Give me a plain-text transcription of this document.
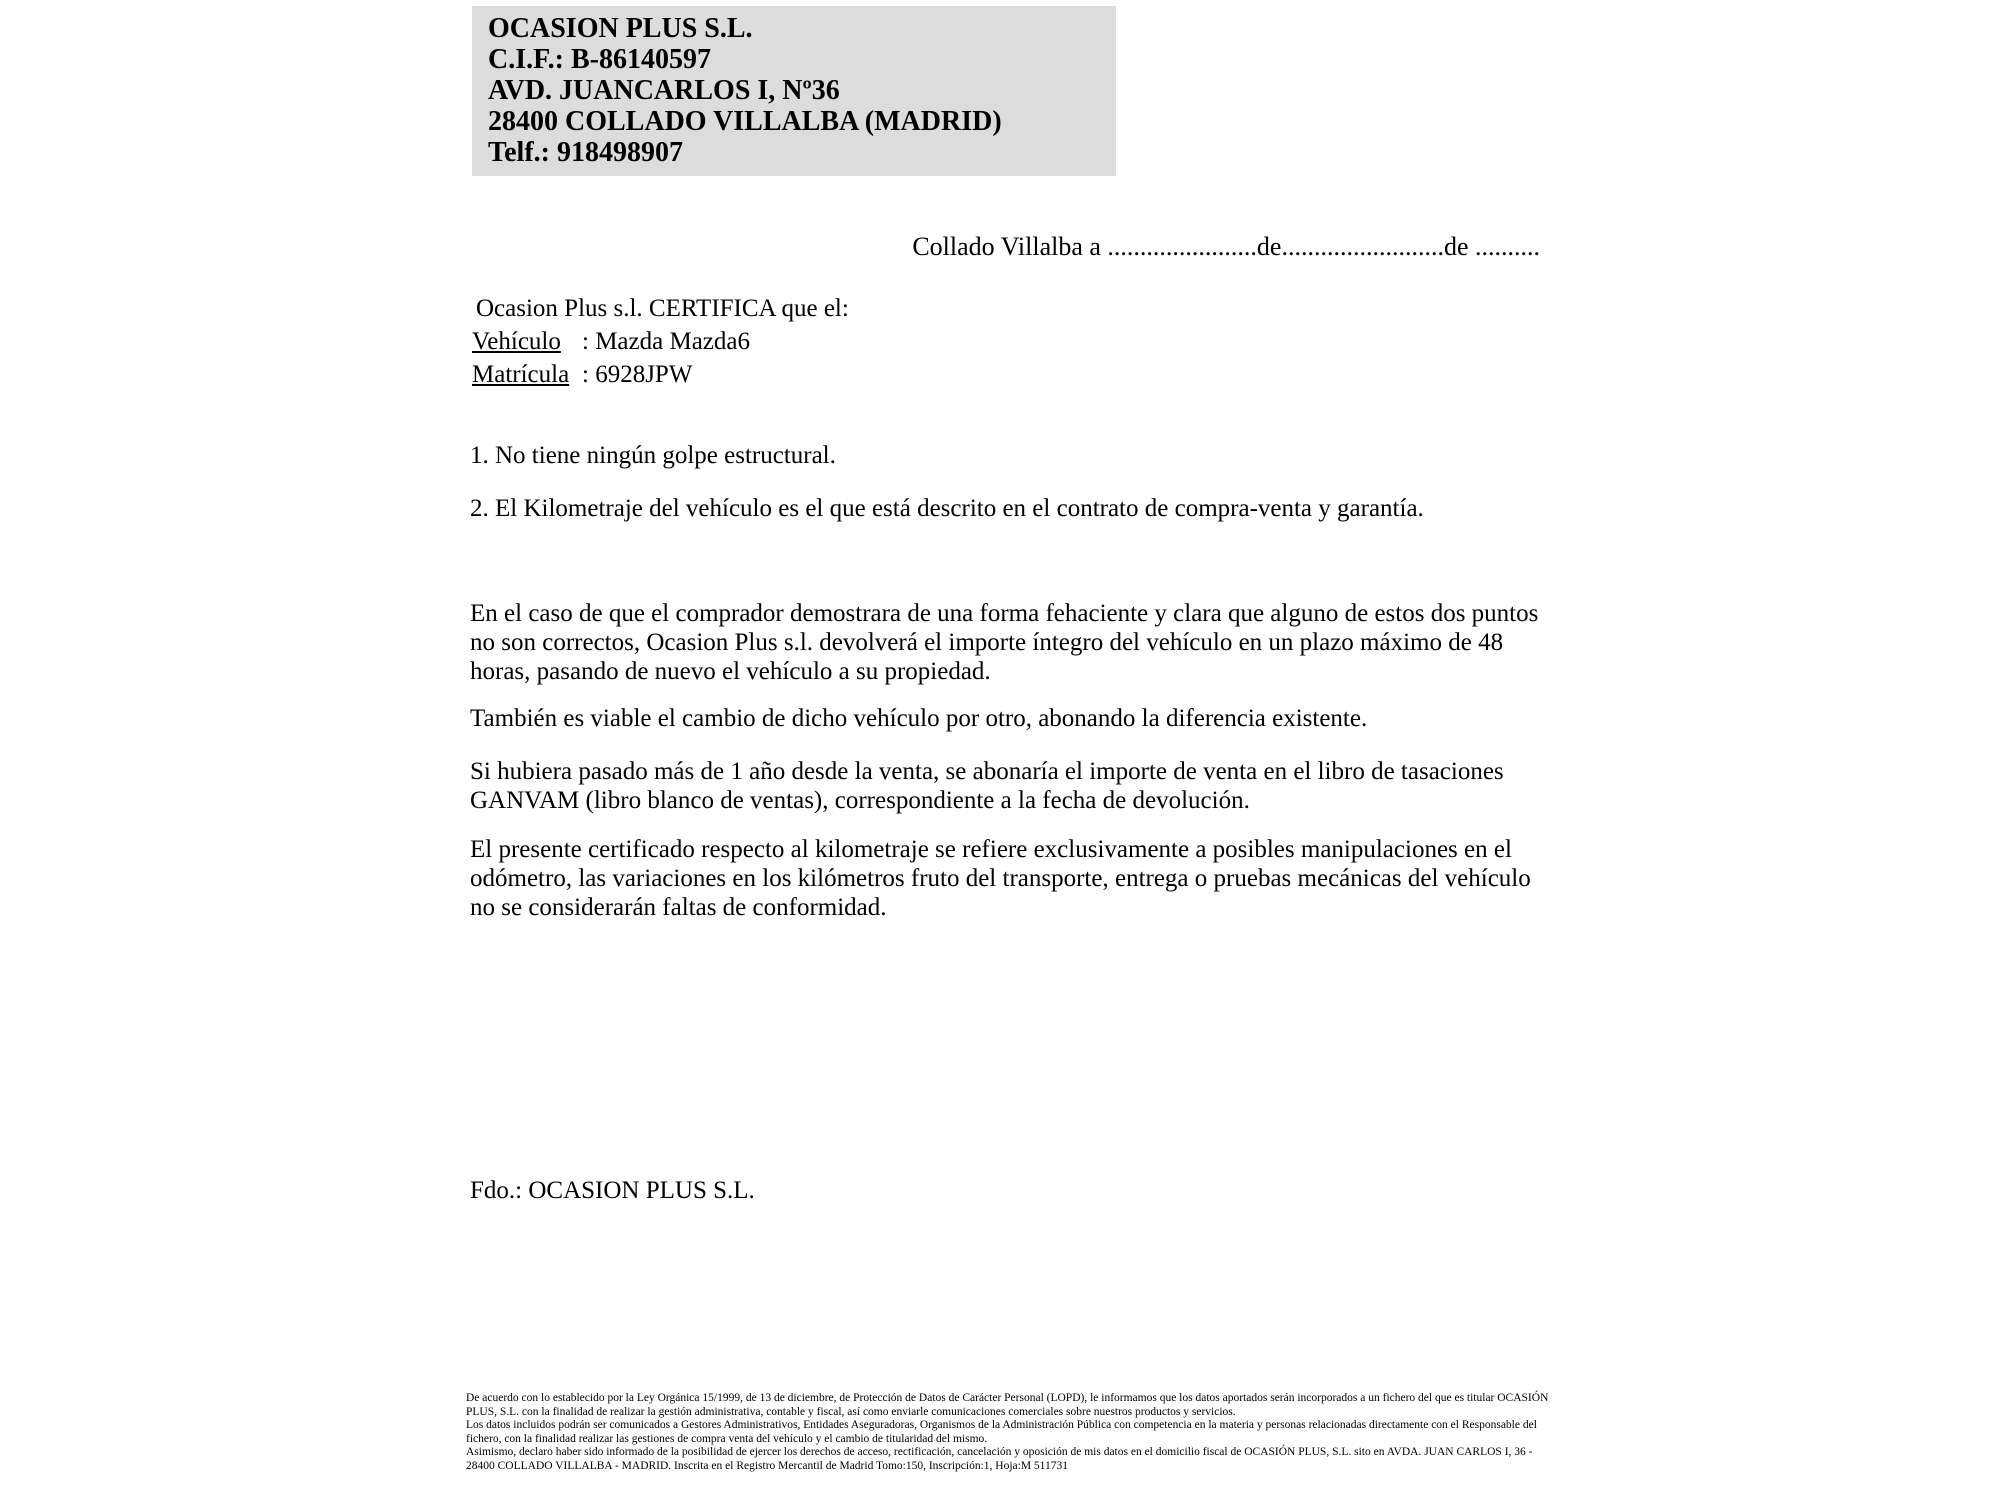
OCASION PLUS S.L.
C.I.F.: B-86140597
AVD. JUANCARLOS I, Nº36
28400 COLLADO VILLALBA (MADRID)
Telf.: 918498907
Collado Villalba a .......................de.........................de ..........
Ocasion Plus s.l. CERTIFICA que el:
Vehículo : Mazda Mazda6
Matrícula : 6928JPW
1. No tiene ningún golpe estructural.
2. El Kilometraje del vehículo es el que está descrito en el contrato de compra-venta y garantía.

En el caso de que el comprador demostrara de una forma fehaciente y clara que alguno de estos dos puntos no son correctos, Ocasion Plus s.l. devolverá el importe íntegro del vehículo en un plazo máximo de 48 horas, pasando de nuevo el vehículo a su propiedad.

También es viable el cambio de dicho vehículo por otro, abonando la diferencia existente.

Si hubiera pasado más de 1 año desde la venta, se abonaría el importe de venta en el libro de tasaciones GANVAM (libro blanco de ventas), correspondiente a la fecha de devolución.

El presente certificado respecto al kilometraje se refiere exclusivamente a posibles manipulaciones en el odómetro, las variaciones en los kilómetros fruto del transporte, entrega o pruebas mecánicas del vehículo no se considerarán faltas de conformidad.

Fdo.: OCASION PLUS S.L.

De acuerdo con lo establecido por la Ley Orgánica 15/1999, de 13 de diciembre, de Protección de Datos de Carácter Personal (LOPD), le informamos que los datos aportados serán incorporados a un fichero del que es titular OCASIÓN PLUS, S.L. con la finalidad de realizar la gestión administrativa, contable y fiscal, así como enviarle comunicaciones comerciales sobre nuestros productos y servicios.

Los datos incluidos podrán ser comunicados a Gestores Administrativos, Entidades Aseguradoras, Organismos de la Administración Pública con competencia en la materia y personas relacionadas directamente con el Responsable del fichero, con la finalidad realizar las gestiones de compra venta del vehículo y el cambio de titularidad del mismo.

Asimismo, declaro haber sido informado de la posibilidad de ejercer los derechos de acceso, rectificación, cancelación y oposición de mis datos en el domicilio fiscal de OCASIÓN PLUS, S.L. sito en AVDA. JUAN CARLOS I, 36 - 28400 COLLADO VILLALBA - MADRID. Inscrita en el Registro Mercantil de Madrid Tomo:150, Inscripción:1, Hoja:M 511731
